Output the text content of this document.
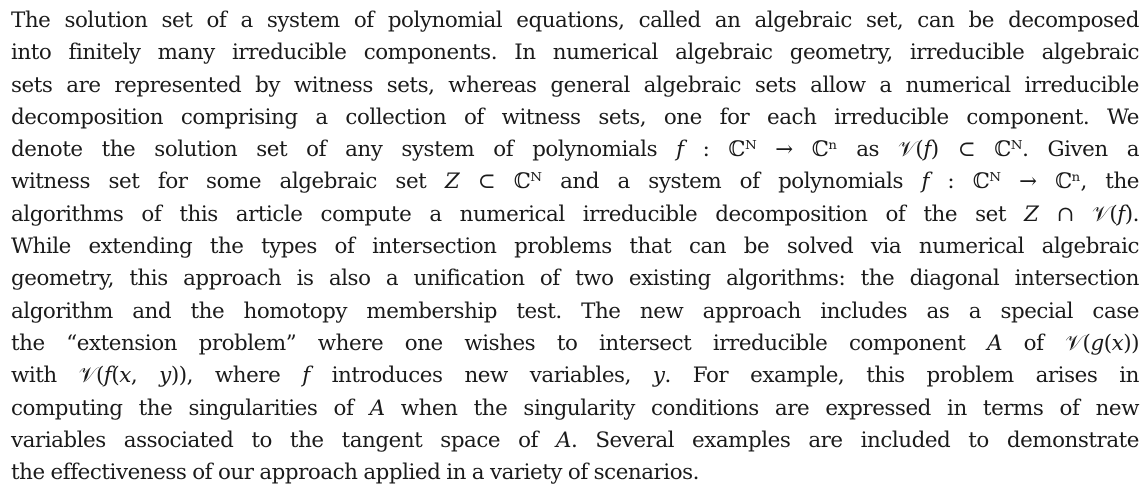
The solution set of a system of polynomial equations, called an algebraic set, can be decomposed
into finitely many irreducible components. In numerical algebraic geometry, irreducible algebraic
sets are represented by witness sets, whereas general algebraic sets allow a numerical irreducible
decomposition comprising a collection of witness sets, one for each irreducible component. We
denote the solution set of any system of polynomials 𝑓 : ℂᴺ → ℂⁿ as 𝒱(𝑓) ⊂ ℂᴺ. Given a
witness set for some algebraic set 𝑍 ⊂ ℂᴺ and a system of polynomials 𝑓 : ℂᴺ → ℂⁿ, the
algorithms of this article compute a numerical irreducible decomposition of the set 𝑍 ∩ 𝒱(𝑓).
While extending the types of intersection problems that can be solved via numerical algebraic
geometry, this approach is also a unification of two existing algorithms: the diagonal intersection
algorithm and the homotopy membership test. The new approach includes as a special case
the “extension problem” where one wishes to intersect irreducible component 𝐴 of 𝒱(𝑔(𝑥))
with 𝒱(𝑓(𝑥, 𝑦)), where 𝑓 introduces new variables, 𝑦. For example, this problem arises in
computing the singularities of 𝐴 when the singularity conditions are expressed in terms of new
variables associated to the tangent space of 𝐴. Several examples are included to demonstrate
the effectiveness of our approach applied in a variety of scenarios.
